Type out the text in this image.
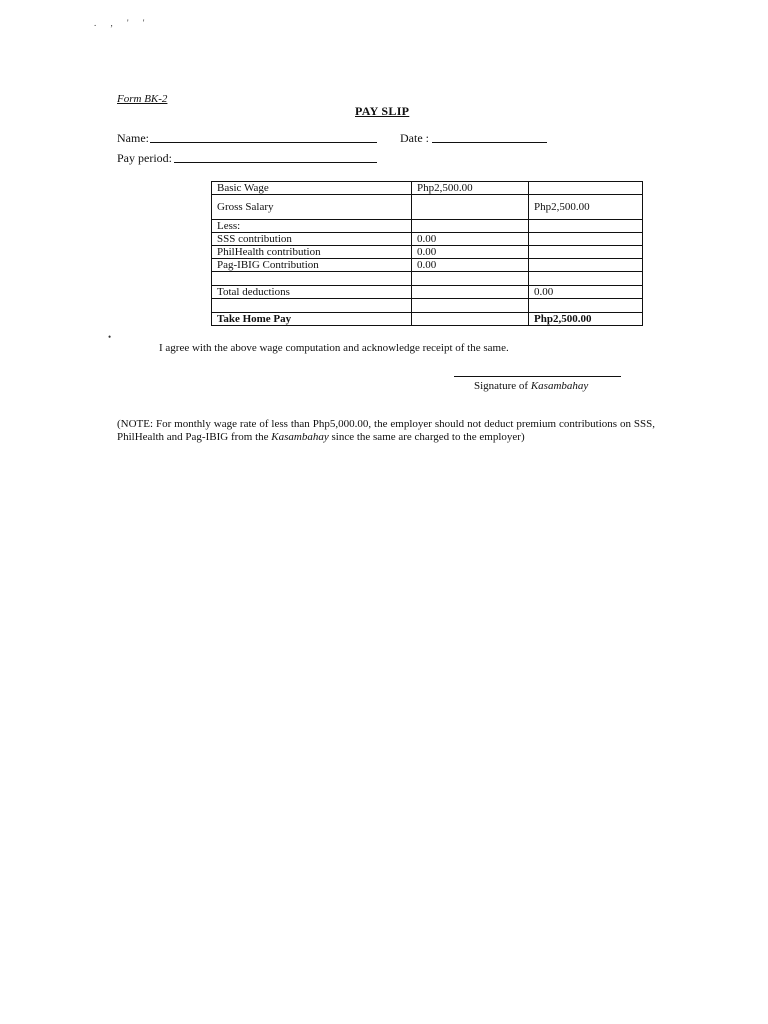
. , ' '
•
Form BK-2
PAY SLIP
Name:	Date :
Pay period:
Basic Wage	Php2,500.00	
Gross Salary		Php2,500.00
Less:		
SSS contribution	0.00	
PhilHealth contribution	0.00	
Pag-IBIG Contribution	0.00	

Total deductions		0.00

Take Home Pay		Php2,500.00
I agree with the above wage computation and acknowledge receipt of the same.
Signature of Kasambahay
(NOTE: For monthly wage rate of less than Php5,000.00, the employer should not deduct premium contributions on SSS, PhilHealth and Pag-IBIG from the Kasambahay since the same are charged to the employer)
